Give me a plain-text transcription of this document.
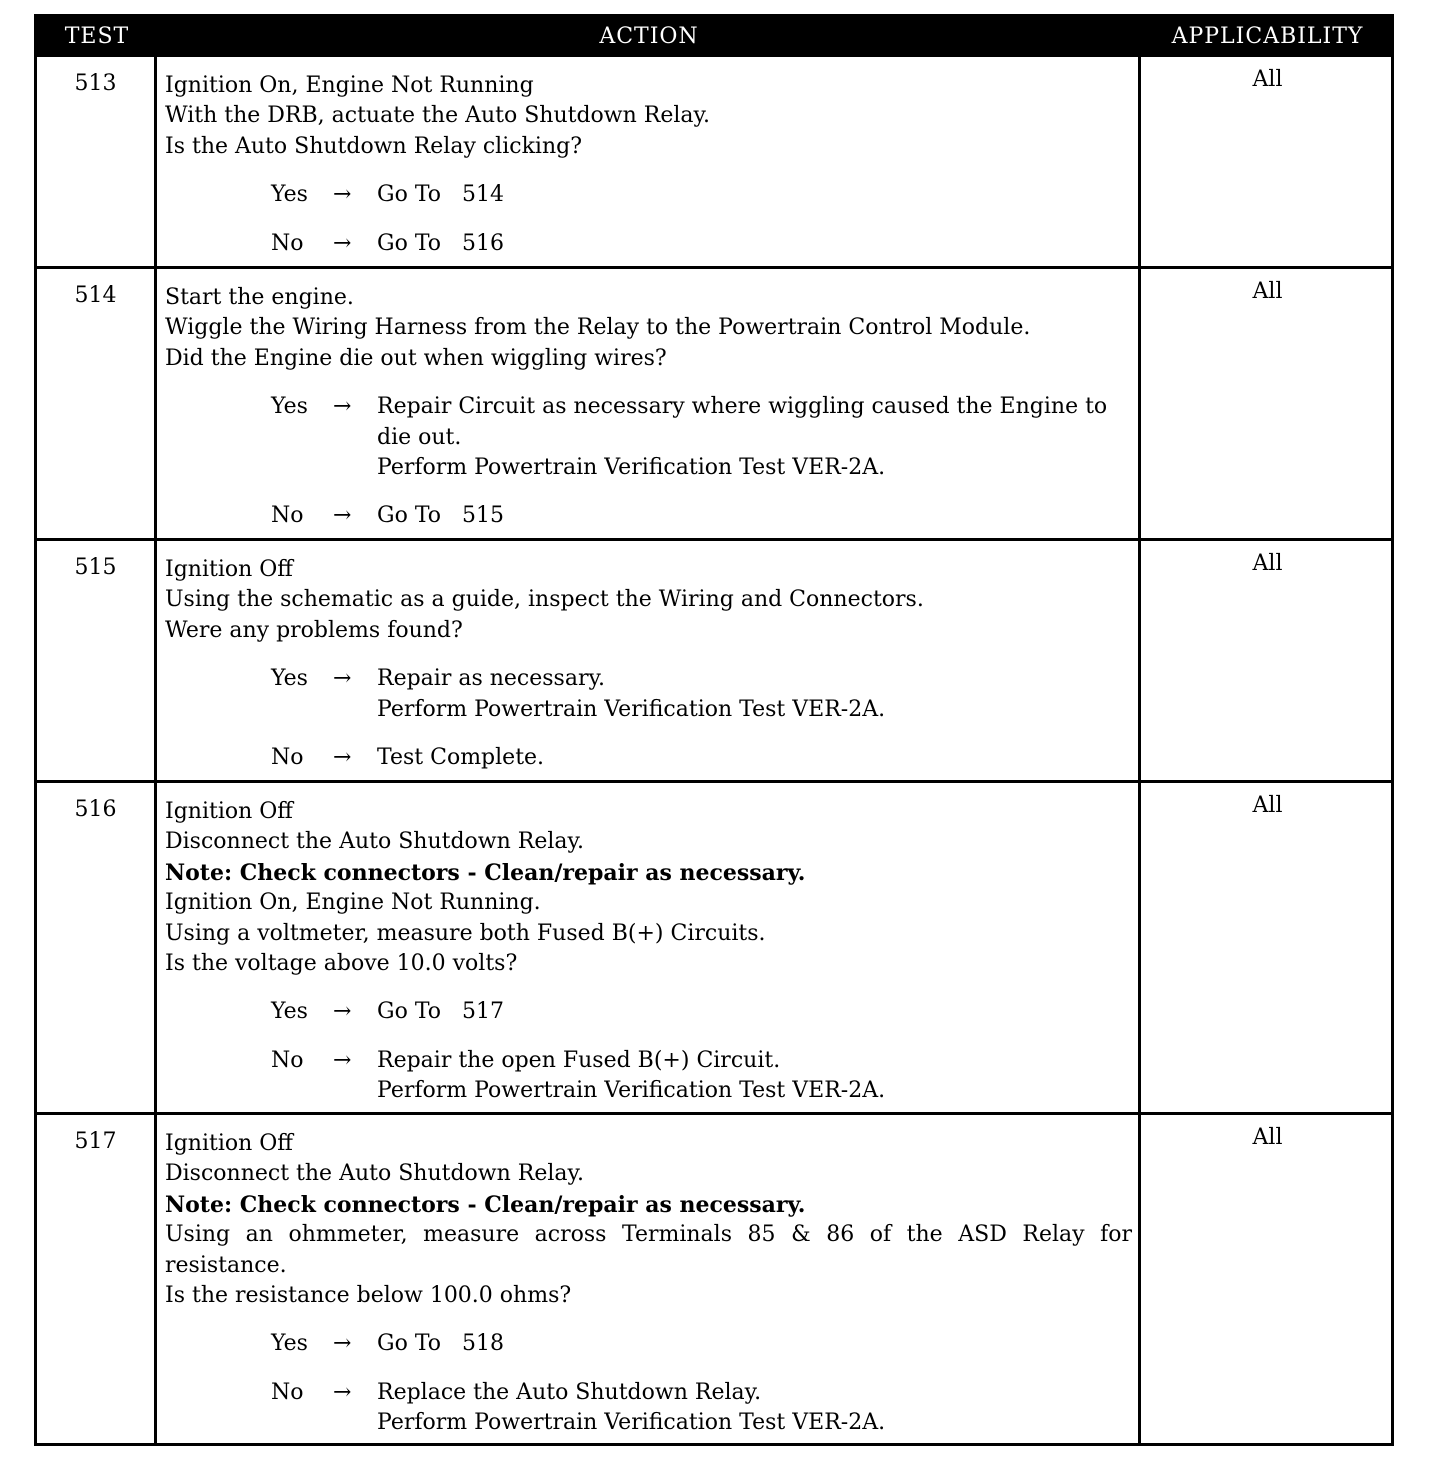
TEST	ACTION	APPLICABILITY
513	Ignition On, Engine Not Running
With the DRB, actuate the Auto Shutdown Relay.
Is the Auto Shutdown Relay clicking?
Yes	→	Go To   514
No	→	Go To   516
All
514	Start the engine.
Wiggle the Wiring Harness from the Relay to the Powertrain Control Module.
Did the Engine die out when wiggling wires?
Yes	→	Repair Circuit as necessary where wiggling caused the Engine to
die out.
Perform Powertrain Verification Test VER-2A.
No	→	Go To   515
All
515	Ignition Off
Using the schematic as a guide, inspect the Wiring and Connectors.
Were any problems found?
Yes	→	Repair as necessary.
Perform Powertrain Verification Test VER-2A.
No	→	Test Complete.
All
516	Ignition Off
Disconnect the Auto Shutdown Relay.
Note: Check connectors - Clean/repair as necessary.
Ignition On, Engine Not Running.
Using a voltmeter, measure both Fused B(+) Circuits.
Is the voltage above 10.0 volts?
Yes	→	Go To   517
No	→	Repair the open Fused B(+) Circuit.
Perform Powertrain Verification Test VER-2A.
All
517	Ignition Off
Disconnect the Auto Shutdown Relay.
Note: Check connectors - Clean/repair as necessary.
Using an ohmmeter, measure across Terminals 85 & 86 of the ASD Relay for resistance.
Is the resistance below 100.0 ohms?
Yes	→	Go To   518
No	→	Replace the Auto Shutdown Relay.
Perform Powertrain Verification Test VER-2A.
All
